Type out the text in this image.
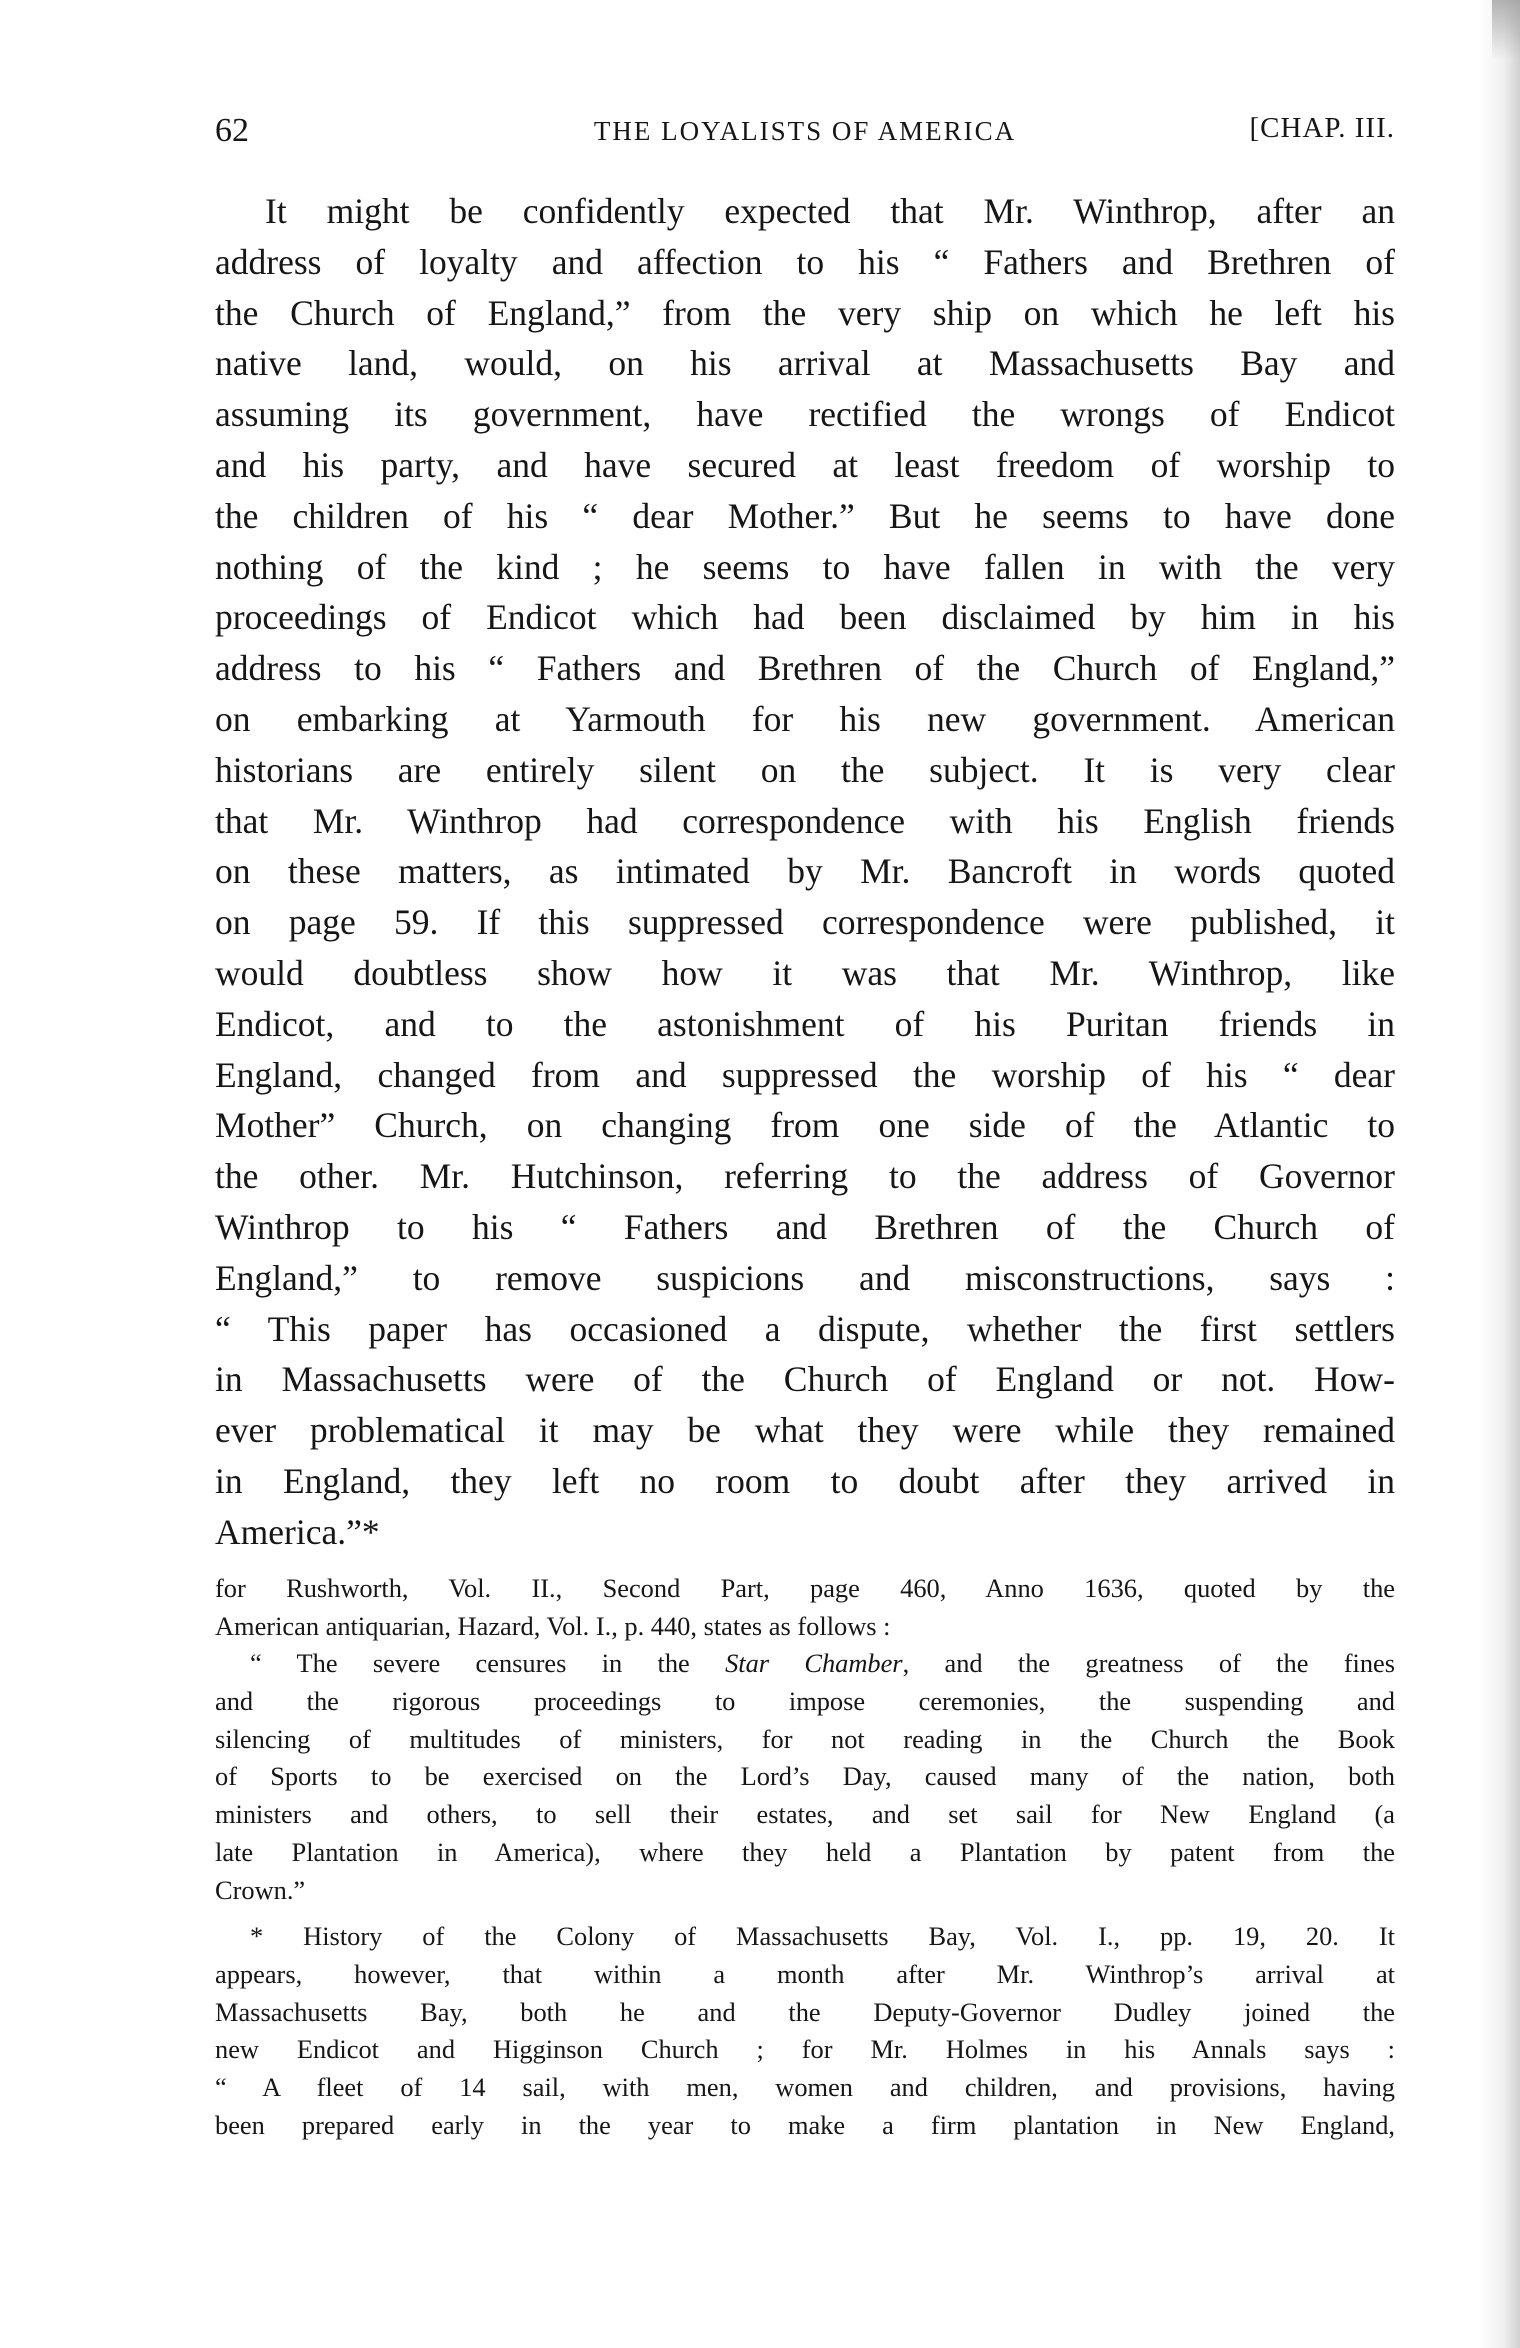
62	THE LOYALISTS OF AMERICA	[CHAP. III.
It might be confidently expected that Mr. Winthrop, after an
address of loyalty and affection to his “ Fathers and Brethren of
the Church of England,” from the very ship on which he left his
native land, would, on his arrival at Massachusetts Bay and
assuming its government, have rectified the wrongs of Endicot
and his party, and have secured at least freedom of worship to
the children of his “ dear Mother.” But he seems to have done
nothing of the kind ; he seems to have fallen in with the very
proceedings of Endicot which had been disclaimed by him in his
address to his “ Fathers and Brethren of the Church of England,”
on embarking at Yarmouth for his new government. American
historians are entirely silent on the subject. It is very clear
that Mr. Winthrop had correspondence with his English friends
on these matters, as intimated by Mr. Bancroft in words quoted
on page 59. If this suppressed correspondence were published, it
would doubtless show how it was that Mr. Winthrop, like
Endicot, and to the astonishment of his Puritan friends in
England, changed from and suppressed the worship of his “ dear
Mother” Church, on changing from one side of the Atlantic to
the other. Mr. Hutchinson, referring to the address of Governor
Winthrop to his “ Fathers and Brethren of the Church of
England,” to remove suspicions and misconstructions, says :
“ This paper has occasioned a dispute, whether the first settlers
in Massachusetts were of the Church of England or not. How-
ever problematical it may be what they were while they remained
in England, they left no room to doubt after they arrived in
America.”*
for Rushworth, Vol. II., Second Part, page 460, Anno 1636, quoted by the
American antiquarian, Hazard, Vol. I., p. 440, states as follows :
“ The severe censures in the Star Chamber, and the greatness of the fines
and the rigorous proceedings to impose ceremonies, the suspending and
silencing of multitudes of ministers, for not reading in the Church the Book
of Sports to be exercised on the Lord’s Day, caused many of the nation, both
ministers and others, to sell their estates, and set sail for New England (a
late Plantation in America), where they held a Plantation by patent from the
Crown.”
* History of the Colony of Massachusetts Bay, Vol. I., pp. 19, 20. It
appears, however, that within a month after Mr. Winthrop’s arrival at
Massachusetts Bay, both he and the Deputy-Governor Dudley joined the
new Endicot and Higginson Church ; for Mr. Holmes in his Annals says :
“ A fleet of 14 sail, with men, women and children, and provisions, having
been prepared early in the year to make a firm plantation in New England,
